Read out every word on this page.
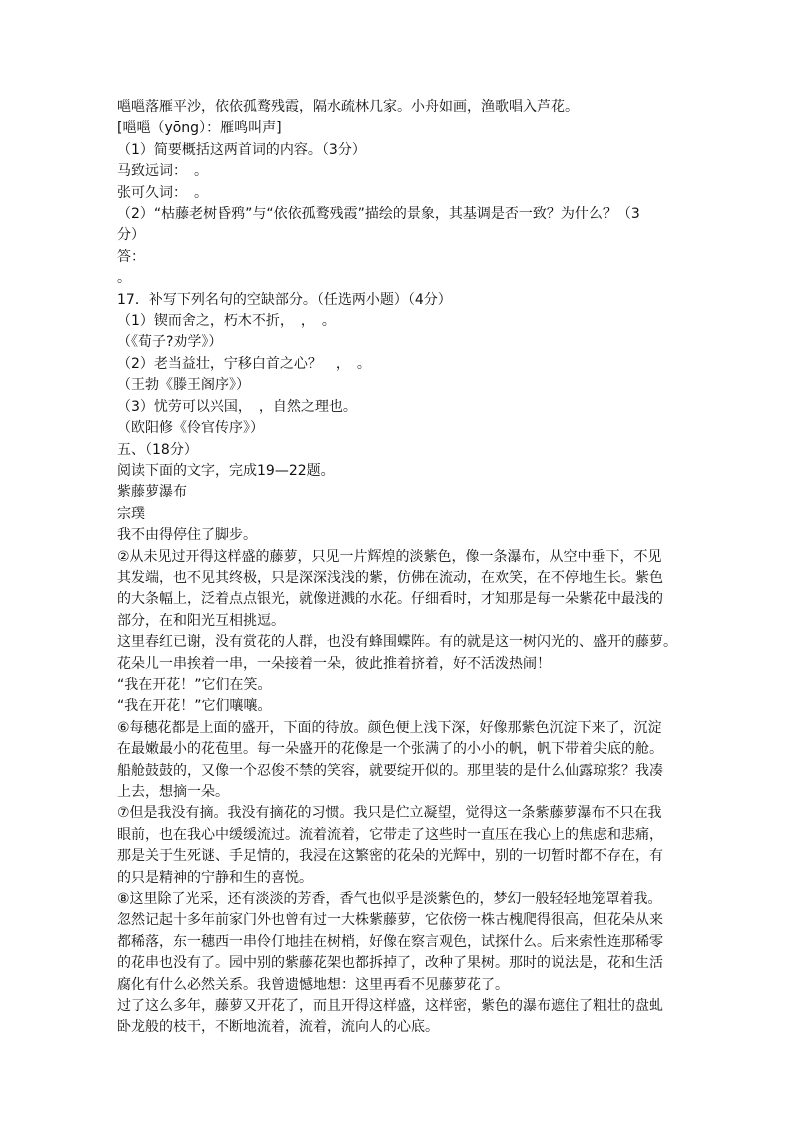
嗈嗈落雁平沙，依依孤鹜残霞，隔水疏林几家。小舟如画，渔歌唱入芦花。
[嗈嗈（yōng）：雁鸣叫声]
（1）简要概括这两首词的内容。（3分）
马致远词：　。
张可久词：　。
（2）“枯藤老树昏鸦”与“依依孤鹜残霞”描绘的景象，其基调是否一致？为什么？（3
分）
答：
。
17．补写下列名句的空缺部分。（任选两小题）（4分）
（1）锲而舍之，朽木不折，　，　。
（《荀子?劝学》）
（2）老当益壮，宁移白首之心？　，　。
（王勃《滕王阁序》）
（3）忧劳可以兴国，　，自然之理也。
（欧阳修《伶官传序》）
五、（18分）
阅读下面的文字，完成19—22题。
紫藤萝瀑布
宗璞
我不由得停住了脚步。
②从未见过开得这样盛的藤萝，只见一片辉煌的淡紫色，像一条瀑布，从空中垂下，不见
其发端，也不见其终极，只是深深浅浅的紫，仿佛在流动，在欢笑，在不停地生长。紫色
的大条幅上，泛着点点银光，就像迸溅的水花。仔细看时，才知那是每一朵紫花中最浅的
部分，在和阳光互相挑逗。
这里春红已谢，没有赏花的人群，也没有蜂围蝶阵。有的就是这一树闪光的、盛开的藤萝。
花朵儿一串挨着一串，一朵接着一朵，彼此推着挤着，好不活泼热闹！
“我在开花！”它们在笑。
“我在开花！”它们嚷嚷。
⑥每穗花都是上面的盛开，下面的待放。颜色便上浅下深，好像那紫色沉淀下来了，沉淀
在最嫩最小的花苞里。每一朵盛开的花像是一个张满了的小小的帆，帆下带着尖底的舱。
船舱鼓鼓的，又像一个忍俊不禁的笑容，就要绽开似的。那里装的是什么仙露琼浆？我凑
上去，想摘一朵。
⑦但是我没有摘。我没有摘花的习惯。我只是伫立凝望，觉得这一条紫藤萝瀑布不只在我
眼前，也在我心中缓缓流过。流着流着，它带走了这些时一直压在我心上的焦虑和悲痛，
那是关于生死谜、手足情的，我浸在这繁密的花朵的光辉中，别的一切暂时都不存在，有
的只是精神的宁静和生的喜悦。
⑧这里除了光采，还有淡淡的芳香，香气也似乎是淡紫色的，梦幻一般轻轻地笼罩着我。
忽然记起十多年前家门外也曾有过一大株紫藤萝，它依傍一株古槐爬得很高，但花朵从来
都稀落，东一穗西一串伶仃地挂在树梢，好像在察言观色，试探什么。后来索性连那稀零
的花串也没有了。园中别的紫藤花架也都拆掉了，改种了果树。那时的说法是，花和生活
腐化有什么必然关系。我曾遗憾地想：这里再看不见藤萝花了。
过了这么多年，藤萝又开花了，而且开得这样盛，这样密，紫色的瀑布遮住了粗壮的盘虬
卧龙般的枝干，不断地流着，流着，流向人的心底。
